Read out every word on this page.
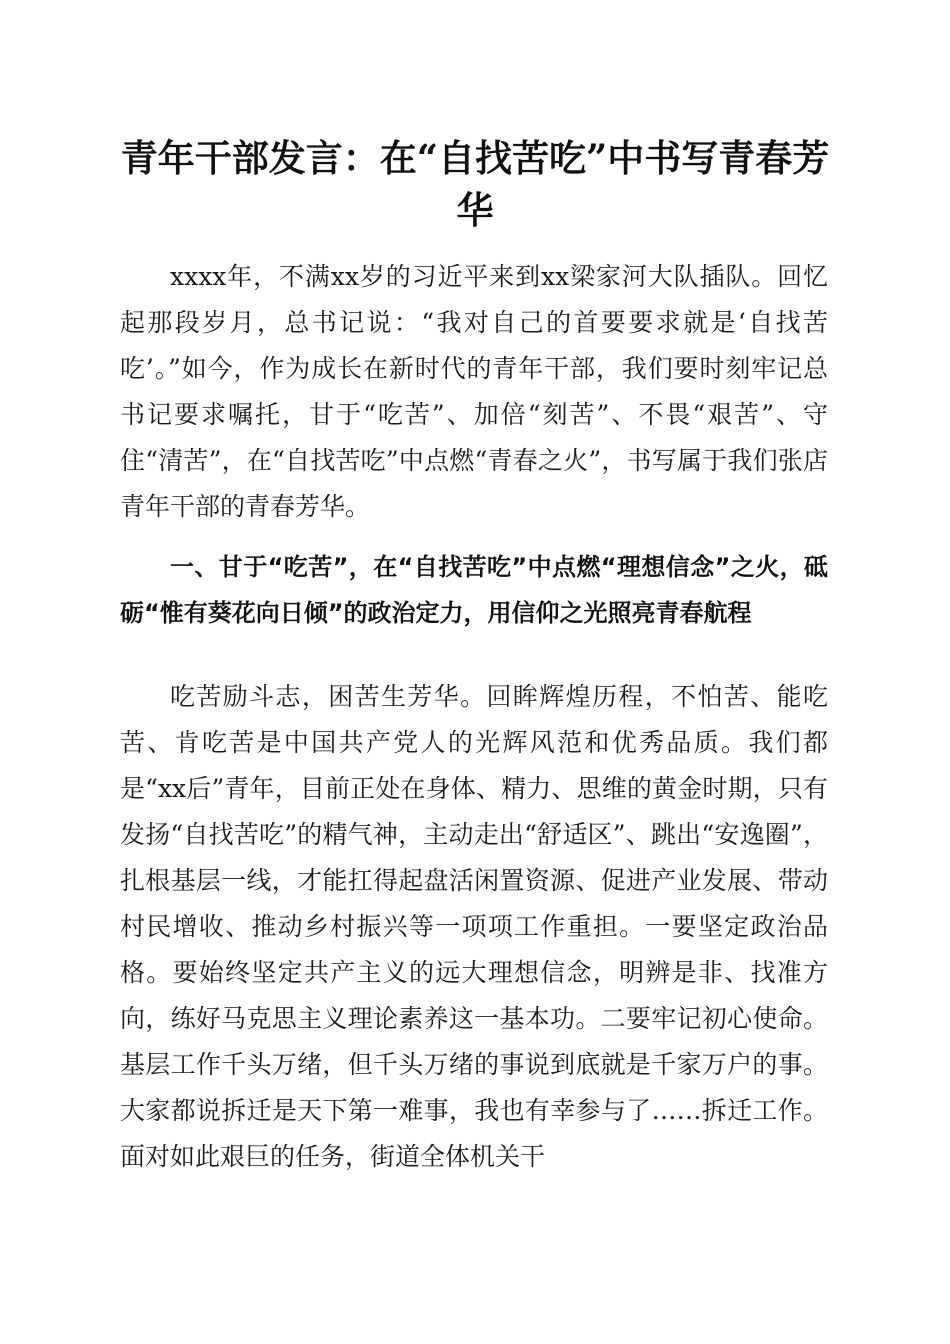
青年干部发言：在“自找苦吃”中书写青春芳华

xxxx年，不满xx岁的习近平来到xx梁家河大队插队。回忆起那段岁月，总书记说：“我对自己的首要要求就是‘自找苦吃’。”如今，作为成长在新时代的青年干部，我们要时刻牢记总书记要求嘱托，甘于“吃苦”、加倍“刻苦”、不畏“艰苦”、守住“清苦”，在“自找苦吃”中点燃“青春之火”，书写属于我们张店青年干部的青春芳华。

一、甘于“吃苦”，在“自找苦吃”中点燃“理想信念”之火，砥砺“惟有葵花向日倾”的政治定力，用信仰之光照亮青春航程

吃苦励斗志，困苦生芳华。回眸辉煌历程，不怕苦、能吃苦、肯吃苦是中国共产党人的光辉风范和优秀品质。我们都是“xx后”青年，目前正处在身体、精力、思维的黄金时期，只有发扬“自找苦吃”的精气神，主动走出“舒适区”、跳出“安逸圈”，扎根基层一线，才能扛得起盘活闲置资源、促进产业发展、带动村民增收、推动乡村振兴等一项项工作重担。一要坚定政治品格。要始终坚定共产主义的远大理想信念，明辨是非、找准方向，练好马克思主义理论素养这一基本功。二要牢记初心使命。基层工作千头万绪，但千头万绪的事说到底就是千家万户的事。大家都说拆迁是天下第一难事，我也有幸参与了……拆迁工作。面对如此艰巨的任务，街道全体机关干
